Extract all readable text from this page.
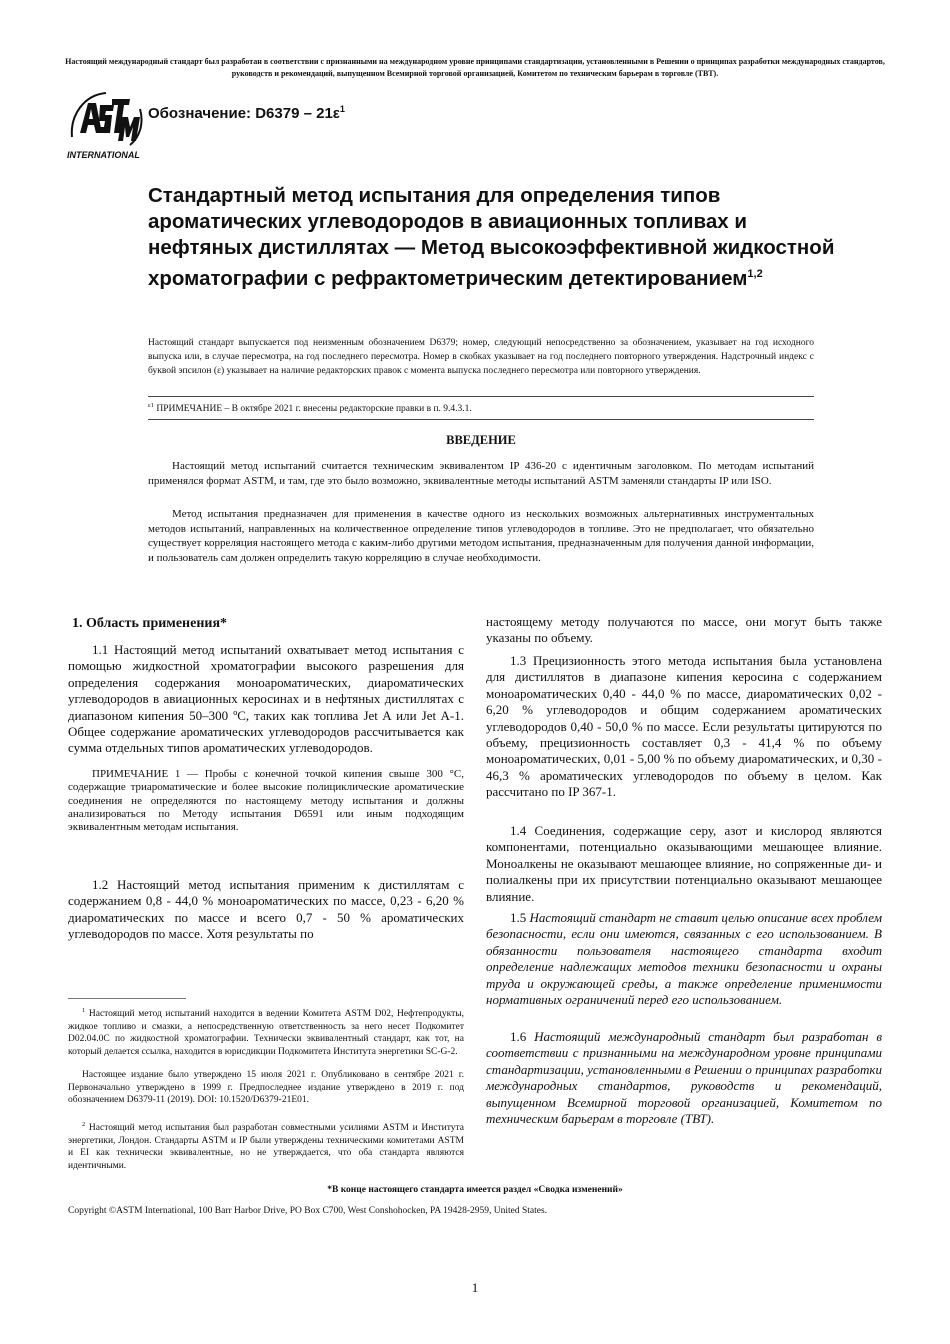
Настоящий международный стандарт был разработан в соответствии с признанными на международном уровне принципами стандартизации, установленными в Решении о принципах разработки международных стандартов, руководств и рекомендаций, выпущенном Всемирной торговой организацией, Комитетом по техническим барьерам в торговле (ТВТ).
INTERNATIONAL
Обозначение: $D6379 - 21\varepsilon^1$
Стандартный метод испытания для определения типов ароматических углеводородов в авиационных топливах и нефтяных дистиллятах — Метод высокоэффективной жидкостной хроматографии с рефрактометрическим детектированием$^{1,2}$
Настоящий стандарт выпускается под неизменным обозначением D6379; номер, следующий непосредственно за обозначением, указывает на год исходного выпуска или, в случае пересмотра, на год последнего пересмотра. Номер в скобках указывает на год последнего повторного утверждения. Надстрочный индекс с буквой эпсилон (ε) указывает на наличие редакторских правок с момента выпуска последнего пересмотра или повторного утверждения.
$^{\varepsilon 1}$ ПРИМЕЧАНИЕ – В октябре 2021 г. внесены редакторские правки в п. 9.4.3.1.
ВВЕДЕНИЕ
Настоящий метод испытаний считается техническим эквивалентом IP 436-20 с идентичным заголовком. По методам испытаний применялся формат ASTM, и там, где это было возможно, эквивалентные методы испытаний ASTM заменяли стандарты IP или ISO.
Метод испытания предназначен для применения в качестве одного из нескольких возможных альтернативных инструментальных методов испытаний, направленных на количественное определение типов углеводородов в топливе. Это не предполагает, что обязательно существует корреляция настоящего метода с каким-либо другими методом испытания, предназначенным для получения данной информации, и пользователь сам должен определить такую корреляцию в случае необходимости.
1. Область применения*

1.1 Настоящий метод испытаний охватывает метод испытания с помощью жидкостной хроматографии высокого разрешения для определения содержания моноароматических, диароматических углеводородов в авиационных керосинах и в нефтяных дистиллятах с диапазоном кипения 50–300 ºС, таких как топлива Jet A или Jet A-1. Общее содержание ароматических углеводородов рассчитывается как сумма отдельных типов ароматических углеводородов.

ПРИМЕЧАНИЕ 1 — Пробы с конечной точкой кипения свыше 300 °C, содержащие триароматические и более высокие полициклические ароматические соединения не определяются по настоящему методу испытания и должны анализироваться по Методу испытания D6591 или иным подходящим эквивалентным методам испытания.

1.2 Настоящий метод испытания применим к дистиллятам с содержанием 0,8 - 44,0 % моноароматических по массе, 0,23 - 6,20 % диароматических по массе и всего 0,7 - 50 % ароматических углеводородов по массе. Хотя результаты по

$^1$ Настоящий метод испытаний находится в ведении Комитета ASTM D02, Нефтепродукты, жидкое топливо и смазки, а непосредственную ответственность за него несет Подкомитет D02.04.0C по жидкостной хроматографии. Технически эквивалентный стандарт, как тот, на который делается ссылка, находится в юрисдикции Подкомитета Института энергетики SC-G-2.
Настоящее издание было утверждено 15 июля 2021 г. Опубликовано в сентябре 2021 г. Первоначально утверждено в 1999 г. Предпоследнее издание утверждено в 2019 г. под обозначением D6379-11 (2019). DOI: 10.1520/D6379-21E01.
$^2$ Настоящий метод испытания был разработан совместными усилиями ASTM и Института энергетики, Лондон. Стандарты ASTM и IP были утверждены техническими комитетами ASTM и EI как технически эквивалентные, но не утверждается, что оба стандарта являются идентичными.
настоящему методу получаются по массе, они могут быть также указаны по объему.

1.3 Прецизионность этого метода испытания была установлена для дистиллятов в диапазоне кипения керосина с содержанием моноароматических 0,40 - 44,0 % по массе, диароматических 0,02 - 6,20 % углеводородов и общим содержанием ароматических углеводородов 0,40 - 50,0 % по массе. Если результаты цитируются по объему, прецизионность составляет 0,3 - 41,4 % по объему моноароматических, 0,01 - 5,00 % по объему диароматических, и 0,30 - 46,3 % ароматических углеводородов по объему в целом. Как рассчитано по IP 367-1.

1.4 Соединения, содержащие серу, азот и кислород являются компонентами, потенциально оказывающими мешающее влияние. Моноалкены не оказывают мешающее влияние, но сопряженные ди- и полиалкены при их присутствии потенциально оказывают мешающее влияние.

1.5 Настоящий стандарт не ставит целью описание всех проблем безопасности, если они имеются, связанных с его использованием. В обязанности пользователя настоящего стандарта входит определение надлежащих методов техники безопасности и охраны труда и окружающей среды, а также определение применимости нормативных ограничений перед его использованием.

1.6 Настоящий международный стандарт был разработан в соответствии с признанными на международном уровне принципами стандартизации, установленными в Решении о принципах разработки международных стандартов, руководств и рекомендаций, выпущенном Всемирной торговой организацией, Комитетом по техническим барьерам в торговле (ТВТ).

*В конце настоящего стандарта имеется раздел «Сводка изменений»
Copyright ©ASTM International, 100 Barr Harbor Drive, PO Box C700, West Conshohocken, PA 19428-2959, United States.
1
